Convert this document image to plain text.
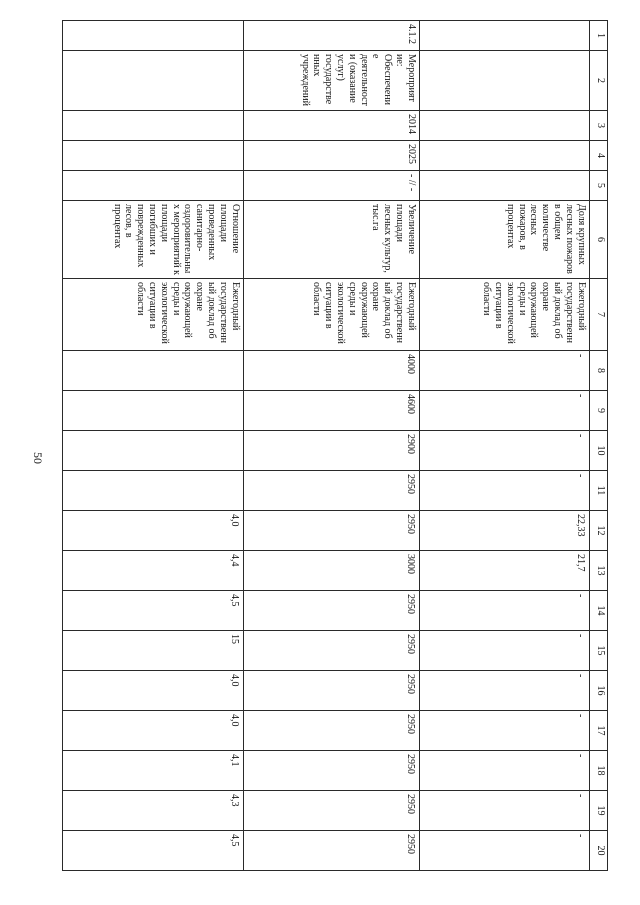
50
1	2	3	4	5	6	7	8	9	10	11	12	13	14	15	16	17	18	19	20
					Доля крупных лесных пожаров в общем количестве лесных пожаров, в процентах	Ежегодный государственный доклад об охране окружающей среды и экологической ситуации в области	-	-	-	-	22,33	21,7	-	-	-	-	-	-	-
4.1.2	Мероприятие: Обеспечение деятельности (оказание услуг) государственных учреждений	2014	2025	- // -	Увеличение площади лесных культур, тыс.га	Ежегодный государственный доклад об охране окружающей среды и экологической ситуации в области	4000	4600	2900	2950	2950	3000	2950	2950	2950	2950	2950	2950	2950
					Отношение площади проведенных санитарно-оздоровительных мероприятий к площади погибших и поврежденных лесов, в процентах	Ежегодный государственный доклад об охране окружающей среды и экологической ситуации в области					4,0	4,4	4,5	15	4,0	4,0	4,1	4,3	4,5
